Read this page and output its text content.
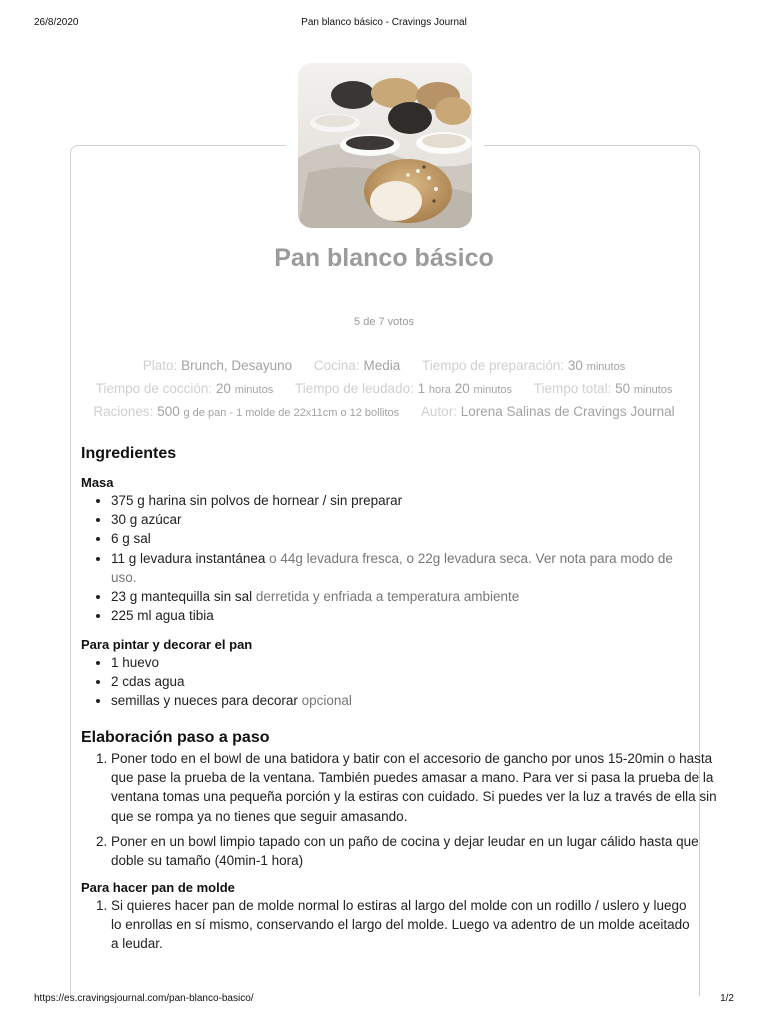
26/8/2020	Pan blanco básico - Cravings Journal
Pan blanco básico
5 de 7 votos
Plato: Brunch, Desayuno Cocina: Media Tiempo de preparación: 30 minutos
Tiempo de cocción: 20 minutos Tiempo de leudado: 1 hora 20 minutos Tiempo total: 50 minutos
Raciones: 500 g de pan - 1 molde de 22x11cm o 12 bollitos Autor: Lorena Salinas de Cravings Journal
Ingredientes
Masa
• 375 g harina sin polvos de hornear / sin preparar
• 30 g azúcar
• 6 g sal
• 11 g levadura instantánea o 44g levadura fresca, o 22g levadura seca. Ver nota para modo de uso.
• 23 g mantequilla sin sal derretida y enfriada a temperatura ambiente
• 225 ml agua tibia
Para pintar y decorar el pan
• 1 huevo
• 2 cdas agua
• semillas y nueces para decorar opcional
Elaboración paso a paso
1. Poner todo en el bowl de una batidora y batir con el accesorio de gancho por unos 15-20min o hasta que pase la prueba de la ventana. También puedes amasar a mano. Para ver si pasa la prueba de la ventana tomas una pequeña porción y la estiras con cuidado. Si puedes ver la luz a través de ella sin que se rompa ya no tienes que seguir amasando.
2. Poner en un bowl limpio tapado con un paño de cocina y dejar leudar en un lugar cálido hasta que doble su tamaño (40min-1 hora)
Para hacer pan de molde
1. Si quieres hacer pan de molde normal lo estiras al largo del molde con un rodillo / uslero y luego lo enrollas en sí mismo, conservando el largo del molde. Luego va adentro de un molde aceitado a leudar.
https://es.cravingsjournal.com/pan-blanco-basico/	1/2
